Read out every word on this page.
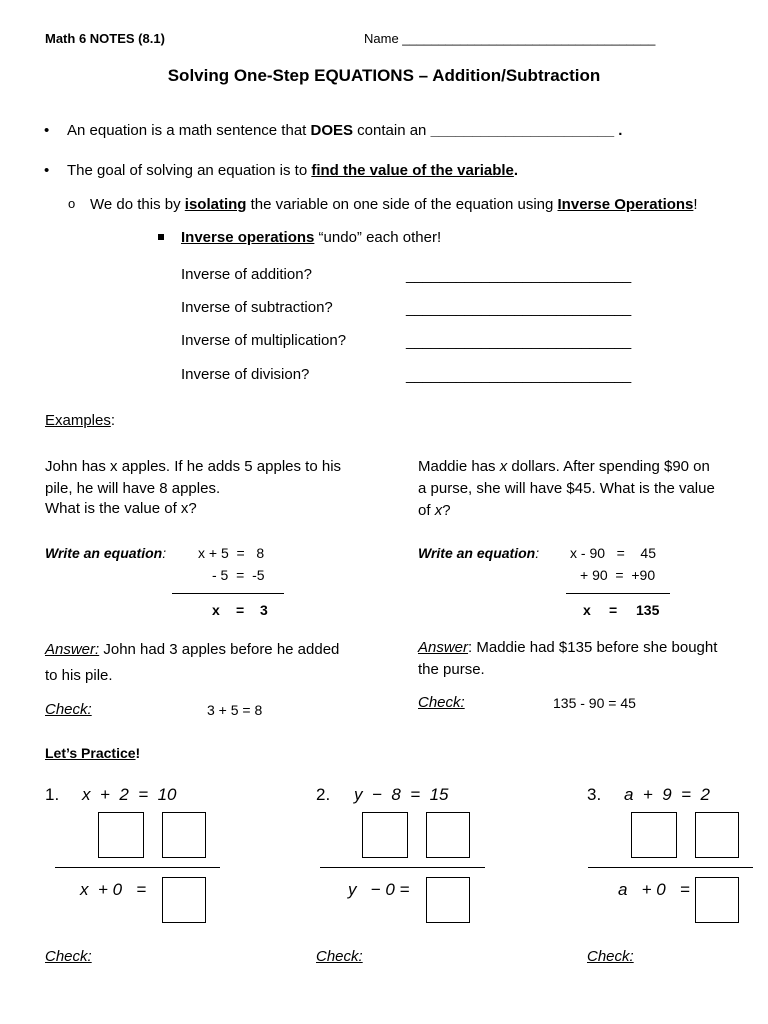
Math 6 NOTES (8.1)	Name ___________________________________
Solving One-Step EQUATIONS – Addition/Subtraction
• An equation is a math sentence that DOES contain an ______________________ .
• The goal of solving an equation is to find the value of the variable.
o We do this by isolating the variable on one side of the equation using Inverse Operations!
Inverse operations “undo” each other!
Inverse of addition?	___________________________
Inverse of subtraction?	___________________________
Inverse of multiplication?	___________________________
Inverse of division?	___________________________
Examples:
John has x apples. If he adds 5 apples to his
pile, he will have 8 apples.
What is the value of x?
Write an equation: x + 5  =   8
- 5  =  -5
x = 3
Answer: John had 3 apples before he added
to his pile.
Check:	3 + 5 = 8
Maddie has x dollars. After spending $90 on
a purse, she will have $45. What is the value
of x?
Write an equation: x - 90   =    45
+ 90  =  +90
x = 135
Answer: Maddie had $135 before she bought
the purse.
Check:	135 - 90 = 45
Let’s Practice!
1. x  +  2  =  10
x  + 0   =
Check:
2. y  −  8  =  15
y   − 0 =
Check:
3. a  +  9  =  2
a   + 0   =
Check:
